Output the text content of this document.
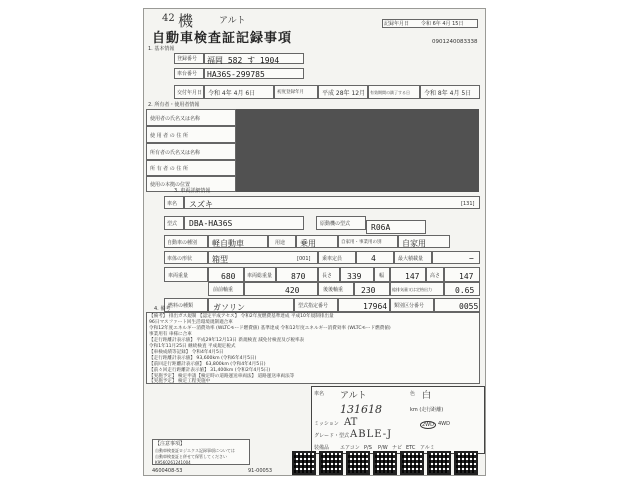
42 機	アルト
自動車検査証記録事項
記録年月日 令和 6年 4月 15日
0901240083338
1. 基本情報
登録番号 福岡 582 す 1904
車台番号 HA36S-299785
交付年月日 令和 4年 4月 6日	初度登録年月	平成 28年 12月 有効期間の満了する日 令和 8年 4月 5日
2. 所有者・使用者情報
使用者の氏名又は名称
使 用 者 の 住 所
所有者の氏名又は名称
所 有 者 の 住 所
使用の本拠の位置
3. 車両詳細情報
車名 スズキ	[131]
型式 DBA-HA36S	原動機の型式	R06A
自動車の種別 軽自動車	用途 乗用	自家用・事業用の別	自家用
車体の形状 箱型	[001] 乗車定員	4	最大積載量	−
車両重量	680 車両総重量 870	長さ 339	幅	147 高さ 147
前前軸重	420	後後軸重 230	総排気量又は定格出力	0.65
燃料の種類 ガソリン	型式指定番号	17964 類別区分番号	0055
4. 備考
【備考】 排出ガス規制 【認定平成アセス】 令和2年度燃費基準達成 平成10年規制排出量
96日マスファート回生活環境規制適合車
令和12年度エネルギー消費効率 (WLTCモード燃費値) 基準達成 令和12年度エネルギー消費効率 (WLTCモード燃費値)
事業用有 車様に合車
【走行距離計表示値】 平成29年12月13日 新規検査 減免付検査及び税率表
令和1年11月25日 継続検査 平成規定税式
【車検成績等記録】 令和4年4月5日
【走行距離計表示値】 93,600km (令和6年4月5日)
【前回走行距離計表示値】 63,800km (令和4年4月5日)
【前々回走行距離計表示値】 31,400km (令和2年4月5日)
【実施予定】 検定申請【検定時の道路運送車両法】 道路運送車両法等
【実施予定】 検定工程実施中
車名 アルト	色 白
131618	km (走行距離)
ミッション AT	2WD 4WD
グレード・型式 ABLE-J
装備品 エアコン P/S P/W ナビ ETC アルミ
【注意事項】
自動車検査証ロジエクス記録事項については
自動車検査証と併せて保管してください
K9560261241004
4600408-53	91-00053
